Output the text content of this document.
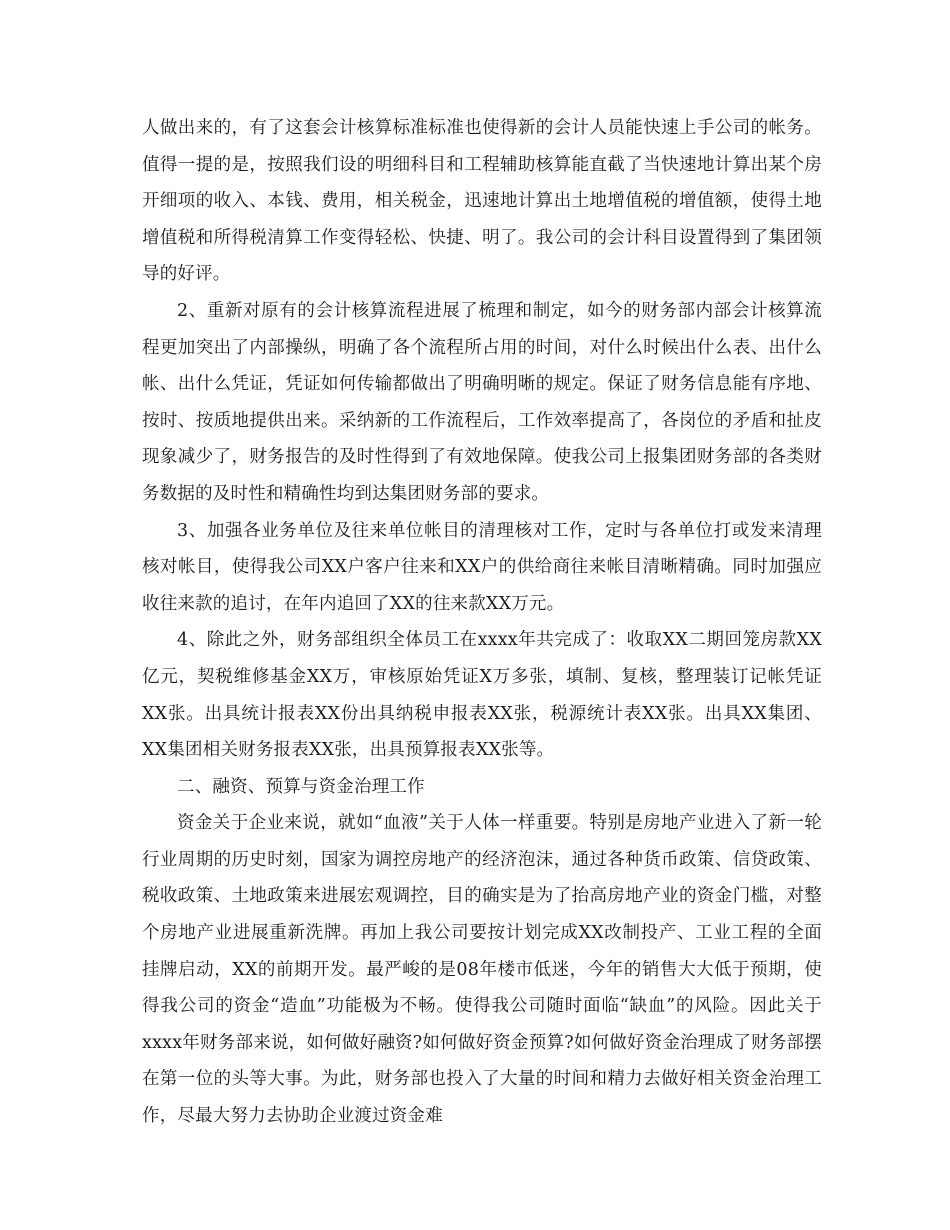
人做出来的，有了这套会计核算标准标准也使得新的会计人员能快速上手公司的帐务。值得一提的是，按照我们设的明细科目和工程辅助核算能直截了当快速地计算出某个房开细项的收入、本钱、费用，相关税金，迅速地计算出土地增值税的增值额，使得土地增值税和所得税清算工作变得轻松、快捷、明了。我公司的会计科目设置得到了集团领导的好评。

2、重新对原有的会计核算流程进展了梳理和制定，如今的财务部内部会计核算流程更加突出了内部操纵，明确了各个流程所占用的时间，对什么时候出什么表、出什么帐、出什么凭证，凭证如何传输都做出了明确明晰的规定。保证了财务信息能有序地、按时、按质地提供出来。采纳新的工作流程后，工作效率提高了，各岗位的矛盾和扯皮现象减少了，财务报告的及时性得到了有效地保障。使我公司上报集团财务部的各类财务数据的及时性和精确性均到达集团财务部的要求。

3、加强各业务单位及往来单位帐目的清理核对工作，定时与各单位打或发来清理核对帐目，使得我公司XX户客户往来和XX户的供给商往来帐目清晰精确。同时加强应收往来款的追讨，在年内追回了XX的往来款XX万元。

4、除此之外，财务部组织全体员工在xxxx年共完成了：收取XX二期回笼房款XX亿元，契税维修基金XX万，审核原始凭证X万多张，填制、复核，整理装订记帐凭证XX张。出具统计报表XX份出具纳税申报表XX张，税源统计表XX张。出具XX集团、XX集团相关财务报表XX张，出具预算报表XX张等。

二、融资、预算与资金治理工作

资金关于企业来说，就如“血液”关于人体一样重要。特别是房地产业进入了新一轮行业周期的历史时刻，国家为调控房地产的经济泡沫，通过各种货币政策、信贷政策、税收政策、土地政策来进展宏观调控，目的确实是为了抬高房地产业的资金门槛，对整个房地产业进展重新洗牌。再加上我公司要按计划完成XX改制投产、工业工程的全面挂牌启动，XX的前期开发。最严峻的是08年楼市低迷，今年的销售大大低于预期，使得我公司的资金“造血”功能极为不畅。使得我公司随时面临“缺血”的风险。因此关于xxxx年财务部来说，如何做好融资?如何做好资金预算?如何做好资金治理成了财务部摆在第一位的头等大事。为此，财务部也投入了大量的时间和精力去做好相关资金治理工作，尽最大努力去协助企业渡过资金难
